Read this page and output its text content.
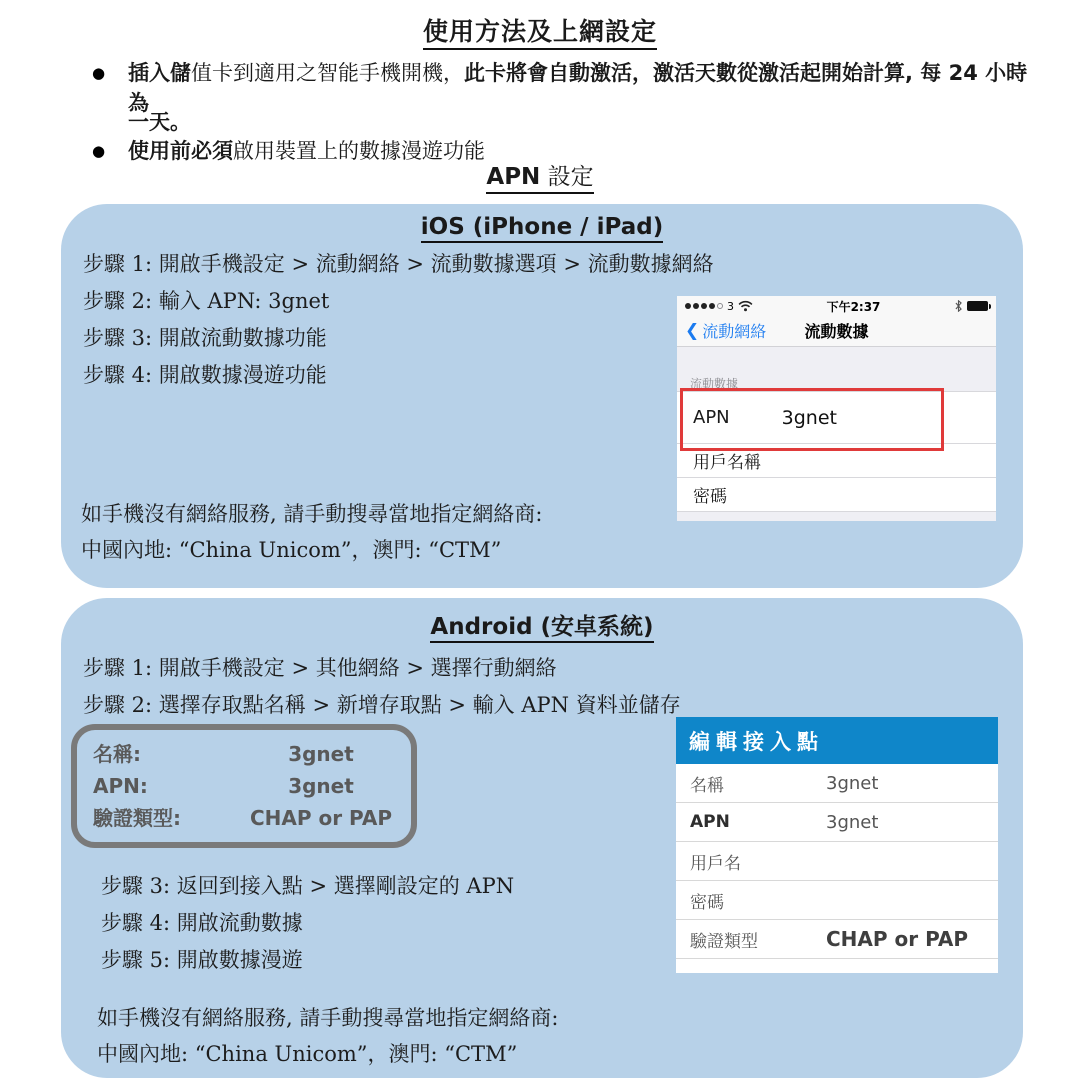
使用方法及上網設定
●	插入儲值卡到適用之智能手機開機，此卡將會自動激活，激活天數從激活起開始計算, 每 24 小時為
一天。
●	使用前必須啟用裝置上的數據漫遊功能
APN 設定
iOS (iPhone / iPad)
步驟 1: 開啟手機設定 > 流動網絡 > 流動數據選項 > 流動數據網絡
步驟 2: 輸入 APN: 3gnet
步驟 3: 開啟流動數據功能
步驟 4: 開啟數據漫遊功能
3	下午2:37
❮ 流動網絡	流動數據
流動數據
APN	3gnet
用戶名稱
密碼
如手機沒有網絡服務, 請手動搜尋當地指定網絡商:
中國內地: “China Unicom”，澳門: “CTM”
Android (安卓系統)
步驟 1: 開啟手機設定 > 其他網絡 > 選擇行動網絡
步驟 2: 選擇存取點名稱 > 新增存取點 > 輸入 APN 資料並儲存
名稱:	3gnet
APN:	3gnet
驗證類型:	CHAP or PAP
步驟 3: 返回到接入點 > 選擇剛設定的 APN
步驟 4: 開啟流動數據
步驟 5: 開啟數據漫遊
編輯接入點
名稱	3gnet
APN	3gnet
用戶名
密碼
驗證類型	CHAP or PAP
如手機沒有網絡服務, 請手動搜尋當地指定網絡商:
中國內地: “China Unicom”，澳門: “CTM”
